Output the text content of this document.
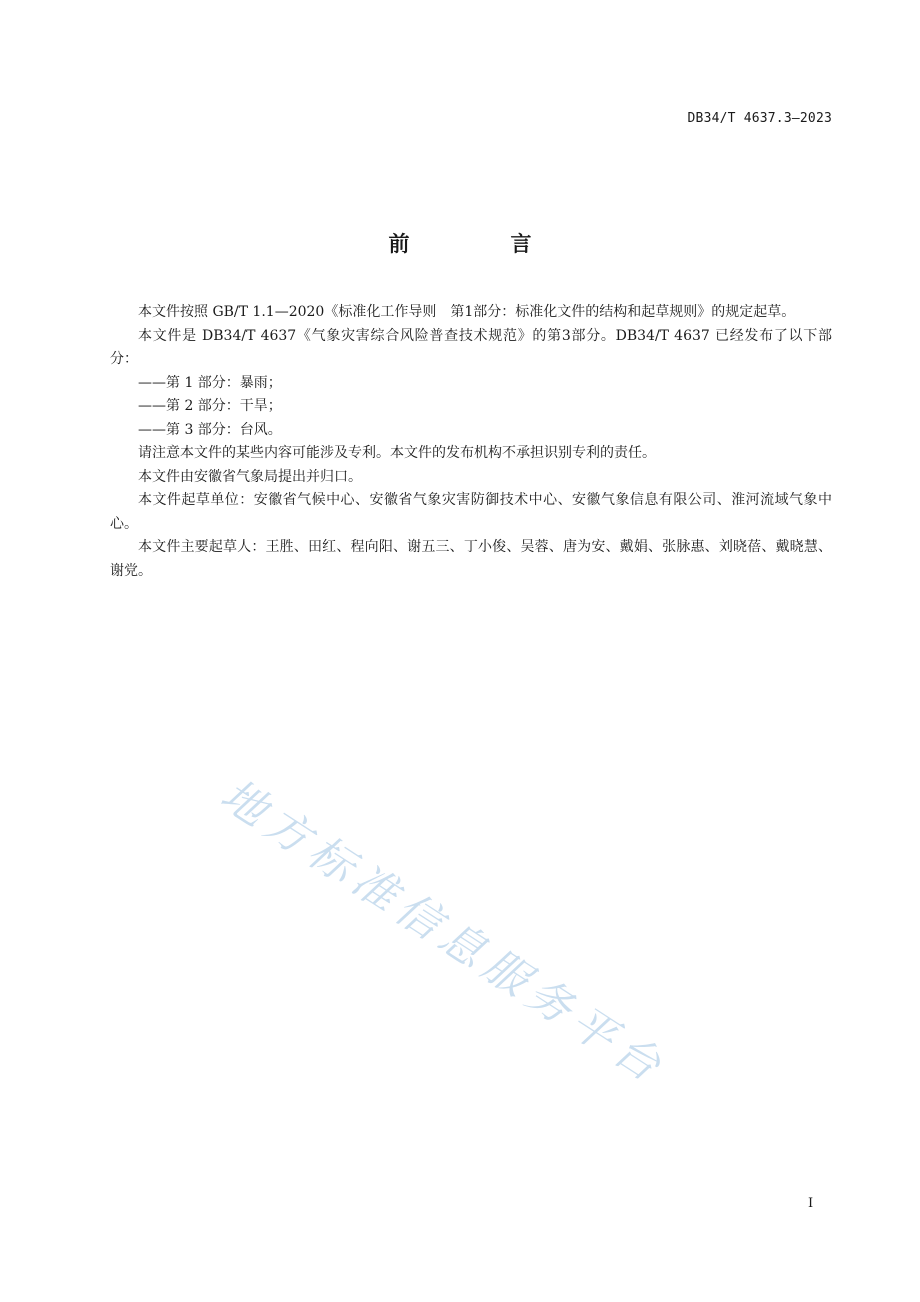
DB34/T 4637.3—2023
前　言

本文件按照 GB/T 1.1—2020《标准化工作导则　第1部分：标准化文件的结构和起草规则》的规定起草。

本文件是 DB34/T 4637《气象灾害综合风险普查技术规范》的第3部分。DB34/T 4637 已经发布了以下部分：

——第 1 部分：暴雨；

——第 2 部分：干旱；

——第 3 部分：台风。

请注意本文件的某些内容可能涉及专利。本文件的发布机构不承担识别专利的责任。

本文件由安徽省气象局提出并归口。

本文件起草单位：安徽省气候中心、安徽省气象灾害防御技术中心、安徽气象信息有限公司、淮河流域气象中心。

本文件主要起草人：王胜、田红、程向阳、谢五三、丁小俊、吴蓉、唐为安、戴娟、张脉惠、刘晓蓓、戴晓慧、谢党。

地方标准信息服务平台
I
